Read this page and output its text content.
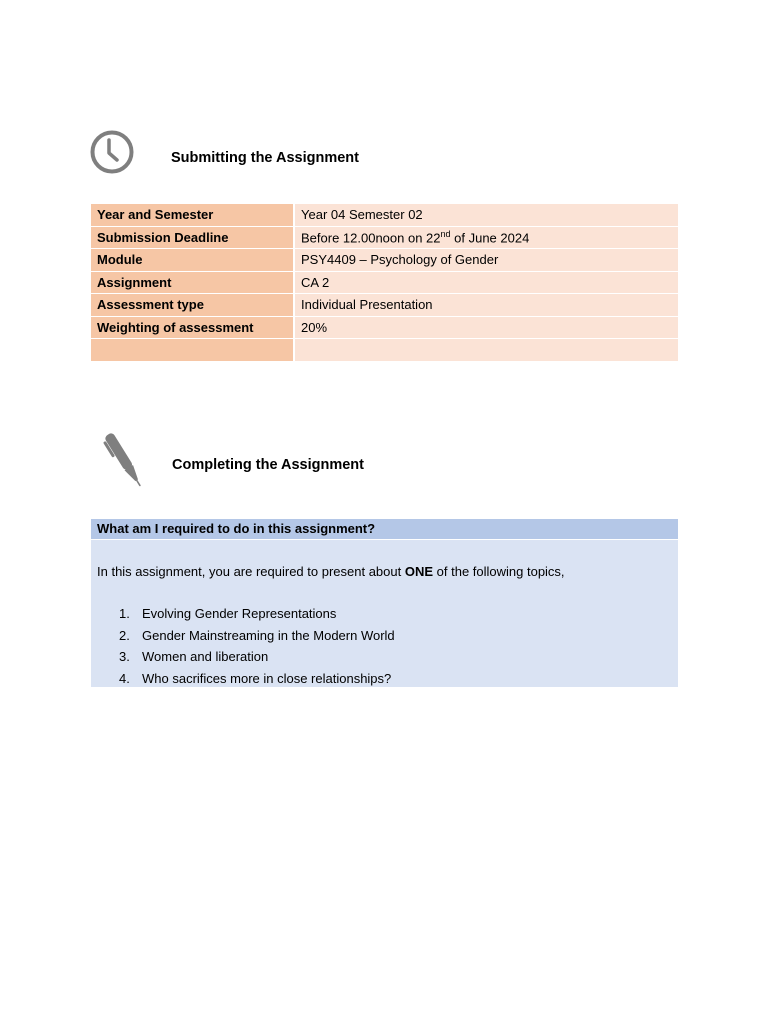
Submitting the Assignment
Year and Semester	Year 04 Semester 02
Submission Deadline	Before 12.00noon on 22nd of June 2024
Module	PSY4409 – Psychology of Gender
Assignment	CA 2
Assessment type	Individual Presentation
Weighting of assessment	20%

Completing the Assignment
What am I required to do in this assignment?

In this assignment, you are required to present about ONE of the following topics,

1. Evolving Gender Representations
2. Gender Mainstreaming in the Modern World
3. Women and liberation
4. Who sacrifices more in close relationships?
